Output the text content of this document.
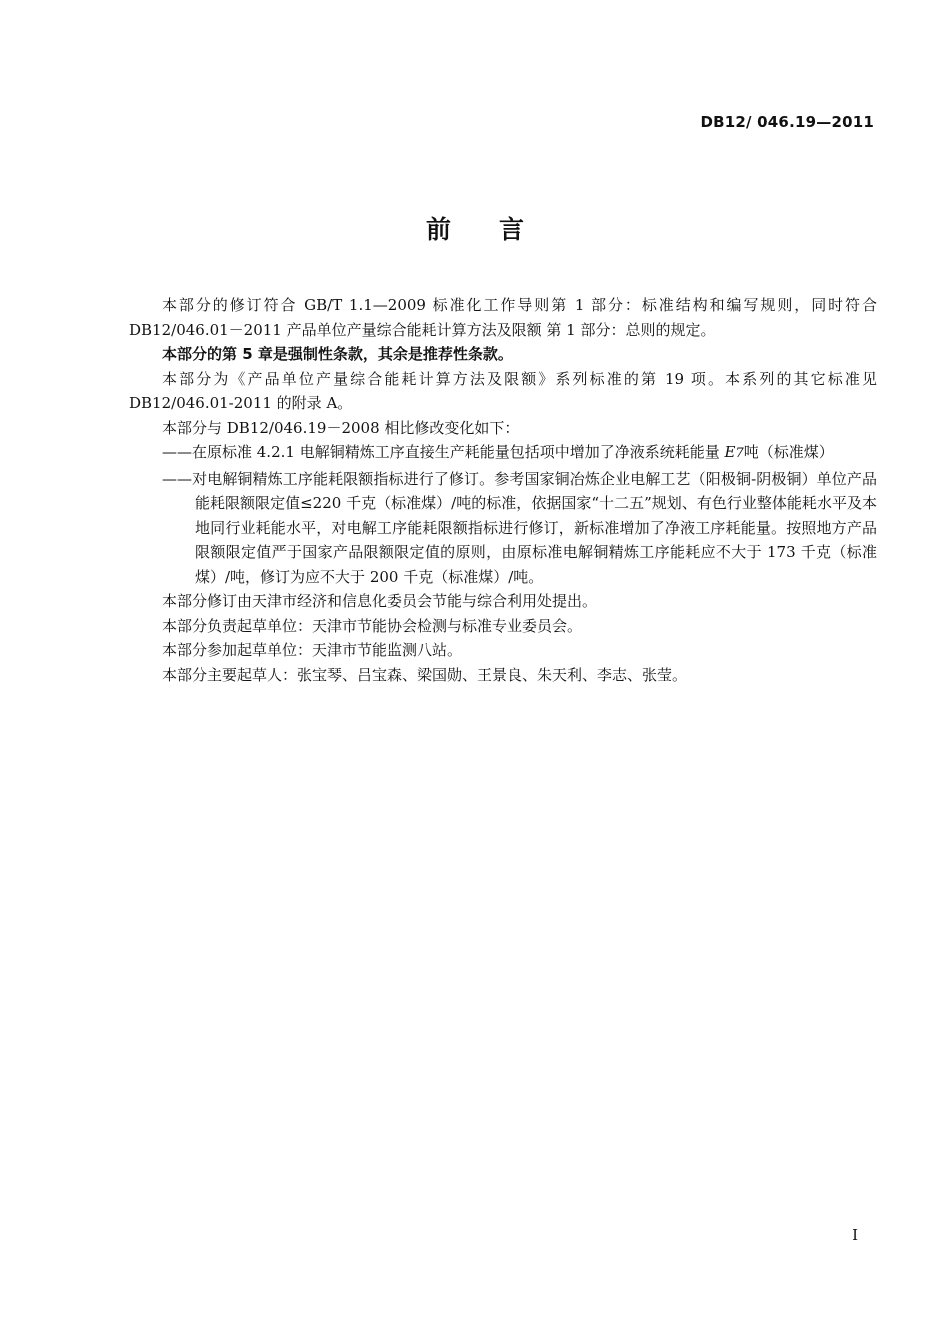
DB12/ 046.19—2011
前言

本部分的修订符合 GB/T 1.1—2009 标准化工作导则第 1 部分：标准结构和编写规则，同时符合DB12/046.01－2011 产品单位产量综合能耗计算方法及限额 第 1 部分：总则的规定。

本部分的第 5 章是强制性条款，其余是推荐性条款。

本部分为《产品单位产量综合能耗计算方法及限额》系列标准的第 19 项。本系列的其它标准见DB12/046.01-2011 的附录 A。

本部分与 DB12/046.19－2008 相比修改变化如下：

——在原标准 4.2.1 电解铜精炼工序直接生产耗能量包括项中增加了净液系统耗能量 E7吨（标准煤）

——对电解铜精炼工序能耗限额指标进行了修订。参考国家铜冶炼企业电解工艺（阳极铜-阴极铜）单位产品能耗限额限定值≤220 千克（标准煤）/吨的标准，依据国家“十二五”规划、有色行业整体能耗水平及本地同行业耗能水平，对电解工序能耗限额指标进行修订，新标准增加了净液工序耗能量。按照地方产品限额限定值严于国家产品限额限定值的原则，由原标准电解铜精炼工序能耗应不大于 173 千克（标准煤）/吨，修订为应不大于 200 千克（标准煤）/吨。

本部分修订由天津市经济和信息化委员会节能与综合利用处提出。

本部分负责起草单位：天津市节能协会检测与标准专业委员会。

本部分参加起草单位：天津市节能监测八站。

本部分主要起草人：张宝琴、吕宝森、梁国勋、王景良、朱天利、李志、张莹。

I
